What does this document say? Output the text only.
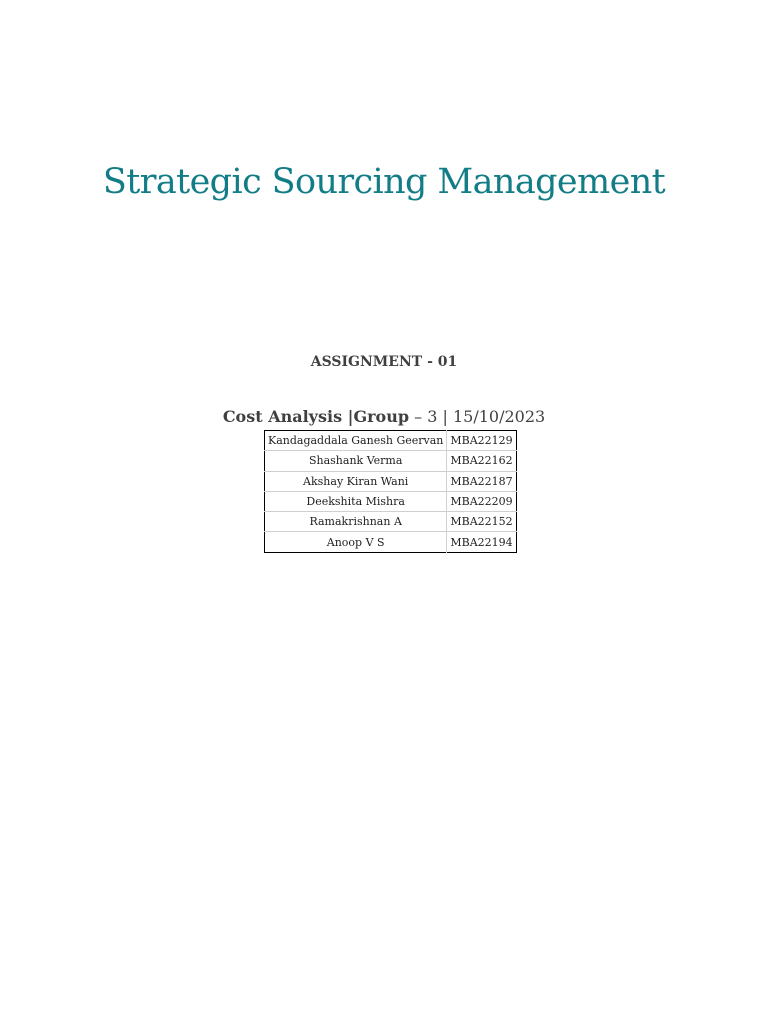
Strategic Sourcing Management
ASSIGNMENT - 01
Cost Analysis |Group – 3 | 15/10/2023
Kandagaddala Ganesh Geervan	MBA22129
Shashank Verma	MBA22162
Akshay Kiran Wani	MBA22187
Deekshita Mishra	MBA22209
Ramakrishnan A	MBA22152
Anoop V S	MBA22194
